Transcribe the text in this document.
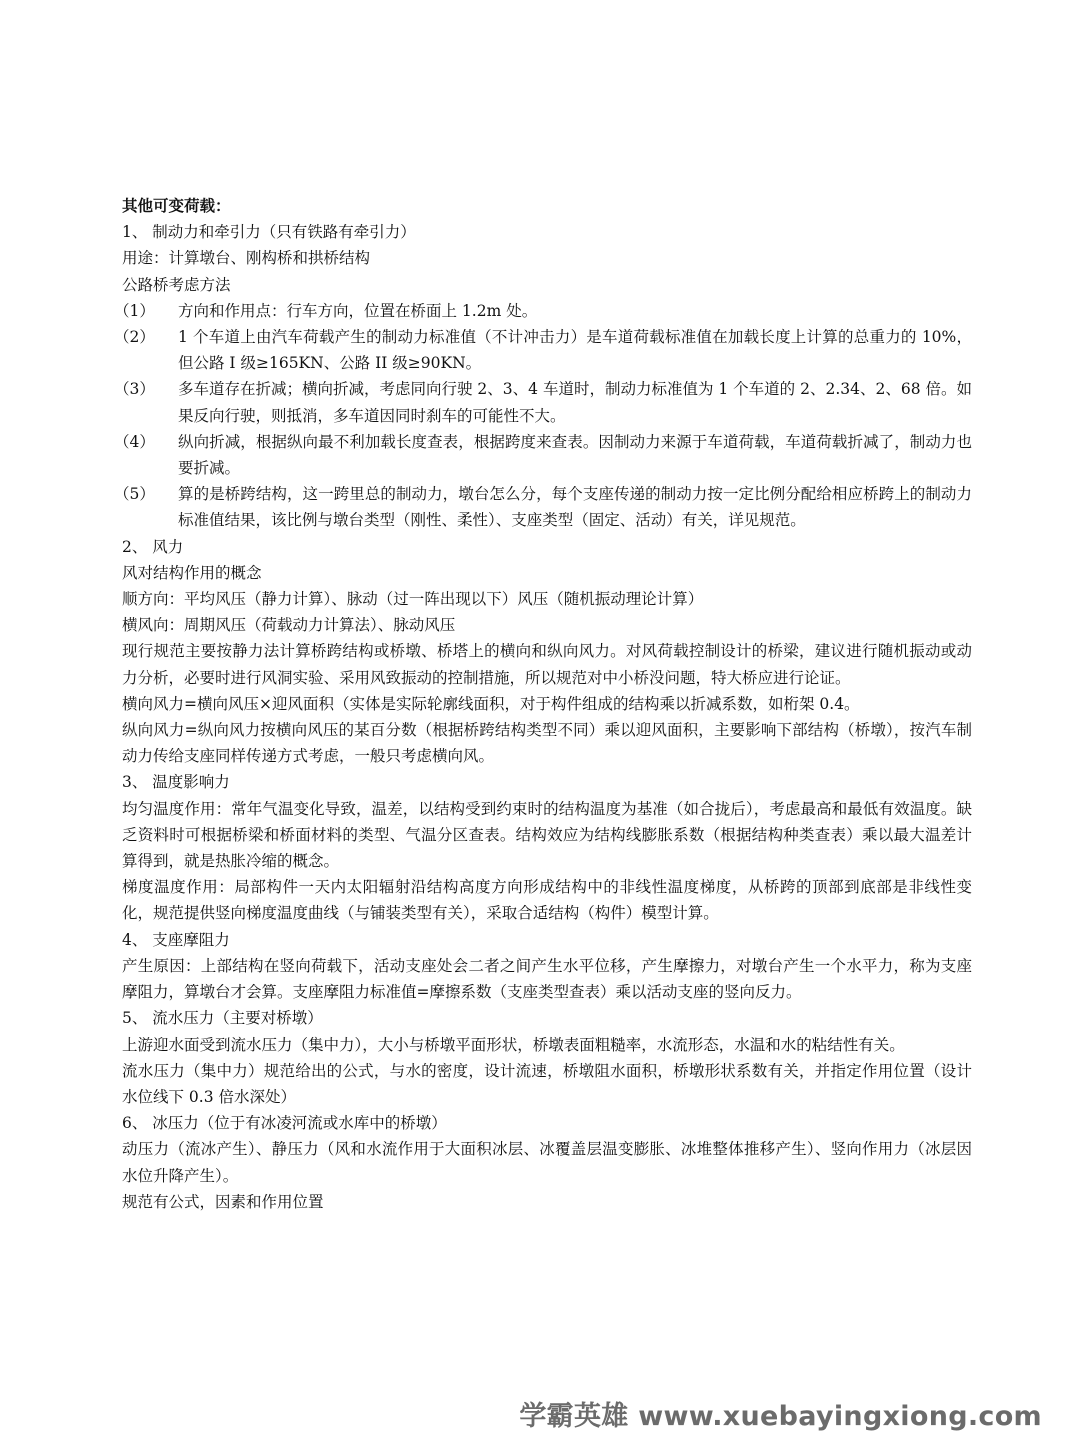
其他可变荷载：

1、 制动力和牵引力（只有铁路有牵引力）

用途：计算墩台、刚构桥和拱桥结构

公路桥考虑方法

（1）	方向和作用点：行车方向，位置在桥面上 1.2m 处。
（2）	1 个车道上由汽车荷载产生的制动力标准值（不计冲击力）是车道荷载标准值在加载长度上计算的总重力的 10%，但公路 I 级≥165KN、公路 II 级≥90KN。
（3）	多车道存在折减；横向折减，考虑同向行驶 2、3、4 车道时，制动力标准值为 1 个车道的 2、2.34、2、68 倍。如果反向行驶，则抵消，多车道因同时刹车的可能性不大。
（4）	纵向折减，根据纵向最不利加载长度查表，根据跨度来查表。因制动力来源于车道荷载，车道荷载折减了，制动力也要折减。
（5）	算的是桥跨结构，这一跨里总的制动力，墩台怎么分，每个支座传递的制动力按一定比例分配给相应桥跨上的制动力标准值结果，该比例与墩台类型（刚性、柔性）、支座类型（固定、活动）有关，详见规范。

2、 风力

风对结构作用的概念

顺方向：平均风压（静力计算）、脉动（过一阵出现以下）风压（随机振动理论计算）

横风向：周期风压（荷载动力计算法）、脉动风压

现行规范主要按静力法计算桥跨结构或桥墩、桥塔上的横向和纵向风力。对风荷载控制设计的桥梁，建议进行随机振动或动力分析，必要时进行风洞实验、采用风致振动的控制措施，所以规范对中小桥没问题，特大桥应进行论证。

横向风力=横向风压×迎风面积（实体是实际轮廓线面积，对于构件组成的结构乘以折减系数，如桁架 0.4。

纵向风力=纵向风力按横向风压的某百分数（根据桥跨结构类型不同）乘以迎风面积，主要影响下部结构（桥墩），按汽车制动力传给支座同样传递方式考虑，一般只考虑横向风。

3、 温度影响力

均匀温度作用：常年气温变化导致，温差，以结构受到约束时的结构温度为基准（如合拢后），考虑最高和最低有效温度。缺乏资料时可根据桥梁和桥面材料的类型、气温分区查表。结构效应为结构线膨胀系数（根据结构种类查表）乘以最大温差计算得到，就是热胀冷缩的概念。

梯度温度作用：局部构件一天内太阳辐射沿结构高度方向形成结构中的非线性温度梯度，从桥跨的顶部到底部是非线性变化，规范提供竖向梯度温度曲线（与铺装类型有关），采取合适结构（构件）模型计算。

4、 支座摩阻力

产生原因：上部结构在竖向荷载下，活动支座处会二者之间产生水平位移，产生摩擦力，对墩台产生一个水平力，称为支座摩阻力，算墩台才会算。支座摩阻力标准值=摩擦系数（支座类型查表）乘以活动支座的竖向反力。

5、 流水压力（主要对桥墩）

上游迎水面受到流水压力（集中力），大小与桥墩平面形状，桥墩表面粗糙率，水流形态，水温和水的粘结性有关。

流水压力（集中力）规范给出的公式，与水的密度，设计流速，桥墩阻水面积，桥墩形状系数有关，并指定作用位置（设计水位线下 0.3 倍水深处）

6、 冰压力（位于有冰凌河流或水库中的桥墩）

动压力（流冰产生）、静压力（风和水流作用于大面积冰层、冰覆盖层温变膨胀、冰堆整体推移产生）、竖向作用力（冰层因水位升降产生）。

规范有公式，因素和作用位置

学霸英雄 www.xuebayingxiong.com
